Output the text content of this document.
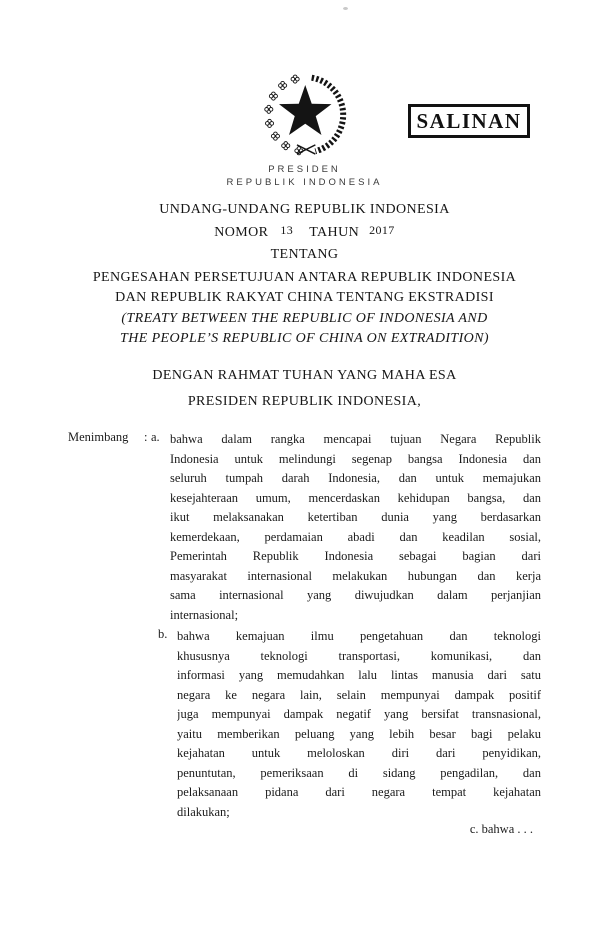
SALINAN
PRESIDEN
REPUBLIK INDONESIA
UNDANG-UNDANG REPUBLIK INDONESIA
NOMOR 13 TAHUN 2017
TENTANG
PENGESAHAN PERSETUJUAN ANTARA REPUBLIK INDONESIA
DAN REPUBLIK RAKYAT CHINA TENTANG EKSTRADISI
(TREATY BETWEEN THE REPUBLIC OF INDONESIA AND
THE PEOPLE’S REPUBLIC OF CHINA ON EXTRADITION)
DENGAN RAHMAT TUHAN YANG MAHA ESA
PRESIDEN REPUBLIK INDONESIA,
Menimbang : a. bahwa dalam rangka mencapai tujuan Negara Republik
Indonesia untuk melindungi segenap bangsa Indonesia dan
seluruh tumpah darah Indonesia, dan untuk memajukan
kesejahteraan umum, mencerdaskan kehidupan bangsa, dan
ikut melaksanakan ketertiban dunia yang berdasarkan
kemerdekaan, perdamaian abadi dan keadilan sosial,
Pemerintah Republik Indonesia sebagai bagian dari
masyarakat internasional melakukan hubungan dan kerja
sama internasional yang diwujudkan dalam perjanjian
internasional;
b. bahwa kemajuan ilmu pengetahuan dan teknologi
khususnya teknologi transportasi, komunikasi, dan
informasi yang memudahkan lalu lintas manusia dari satu
negara ke negara lain, selain mempunyai dampak positif
juga mempunyai dampak negatif yang bersifat transnasional,
yaitu memberikan peluang yang lebih besar bagi pelaku
kejahatan untuk meloloskan diri dari penyidikan,
penuntutan, pemeriksaan di sidang pengadilan, dan
pelaksanaan pidana dari negara tempat kejahatan
dilakukan;
c. bahwa . . .
